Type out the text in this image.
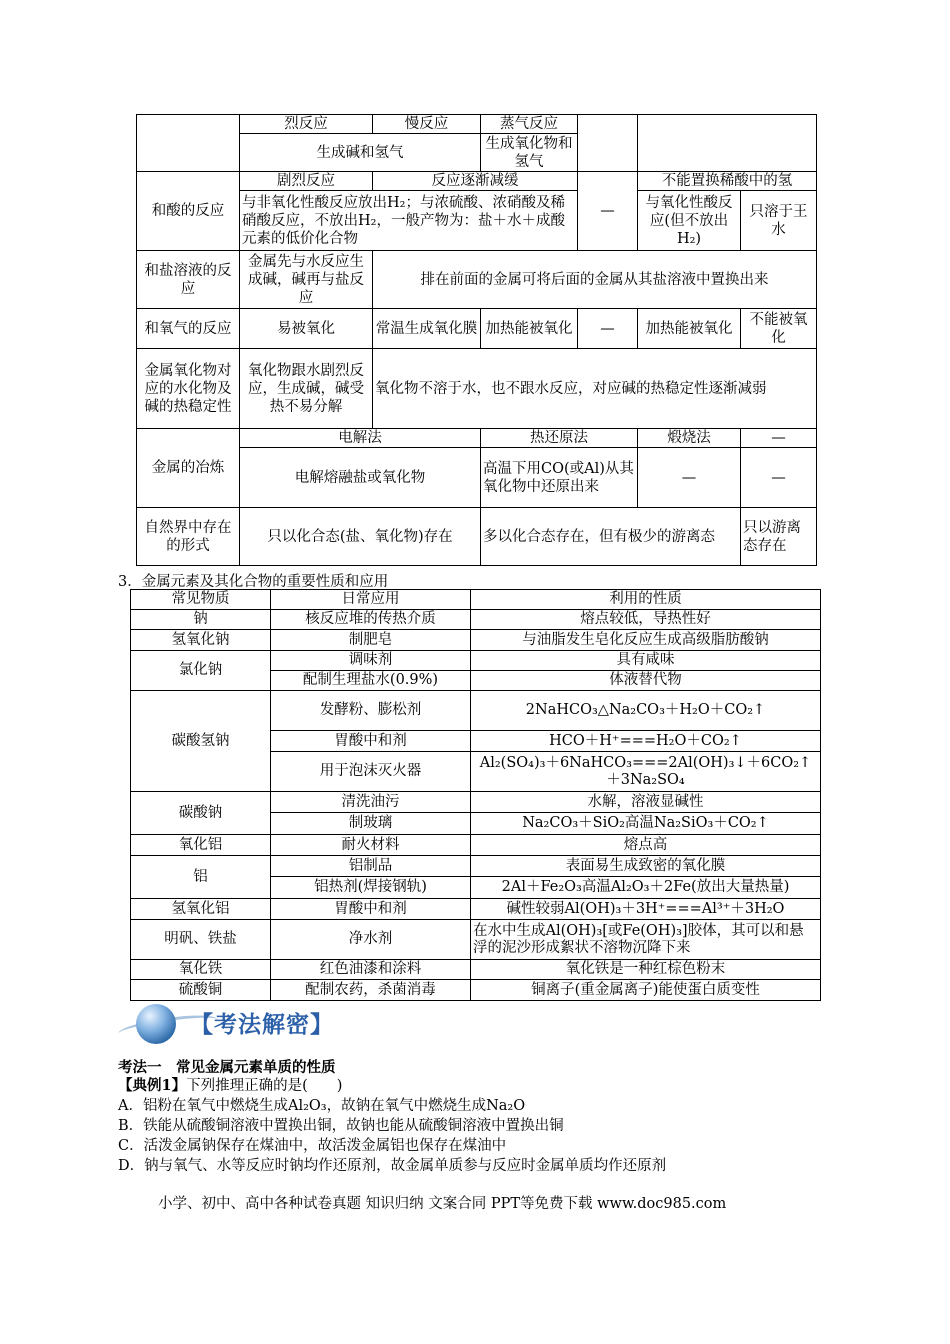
	烈反应	慢反应	蒸气反应			
	生成碱和氢气		生成氧化物和氢气			
和酸的反应	剧烈反应	反应逐渐减缓		—	不能置换稀酸中的氢	
	与非氧化性酸反应放出H₂；与浓硫酸、浓硝酸及稀硝酸反应，不放出H₂，一般产物为：盐＋水＋成酸元素的低价化合物				与氧化性酸反应(但不放出H₂)	只溶于王水
和盐溶液的反应	金属先与水反应生成碱，碱再与盐反应	排在前面的金属可将后面的金属从其盐溶液中置换出来				
和氧气的反应	易被氧化	常温生成氧化膜	加热能被氧化	—	加热能被氧化	不能被氧化
金属氧化物对应的水化物及碱的热稳定性	氧化物跟水剧烈反应，生成碱，碱受热不易分解	氧化物不溶于水，也不跟水反应，对应碱的热稳定性逐渐减弱				
金属的冶炼	电解法		热还原法		煅烧法	—
	电解熔融盐或氧化物		高温下用CO(或Al)从其氧化物中还原出来		—	—
自然界中存在的形式	只以化合态(盐、氧化物)存在		多以化合态存在，但有极少的游离态			只以游离态存在
3．金属元素及其化合物的重要性质和应用
常见物质	日常应用	利用的性质
钠	核反应堆的传热介质	熔点较低，导热性好
氢氧化钠	制肥皂	与油脂发生皂化反应生成高级脂肪酸钠
氯化钠	调味剂	具有咸味
	配制生理盐水(0.9%)	体液替代物
碳酸氢钠	发酵粉、膨松剂	2NaHCO₃△Na₂CO₃＋H₂O＋CO₂↑
	胃酸中和剂	HCO＋H⁺===H₂O＋CO₂↑
	用于泡沫灭火器	Al₂(SO₄)₃＋6NaHCO₃===2Al(OH)₃↓＋6CO₂↑＋3Na₂SO₄
碳酸钠	清洗油污	水解，溶液显碱性
	制玻璃	Na₂CO₃＋SiO₂高温Na₂SiO₃＋CO₂↑
氧化铝	耐火材料	熔点高
铝	铝制品	表面易生成致密的氧化膜
	铝热剂(焊接钢轨)	2Al＋Fe₂O₃高温Al₂O₃＋2Fe(放出大量热量)
氢氧化铝	胃酸中和剂	碱性较弱Al(OH)₃＋3H⁺===Al³⁺＋3H₂O
明矾、铁盐	净水剂	在水中生成Al(OH)₃[或Fe(OH)₃]胶体，其可以和悬浮的泥沙形成絮状不溶物沉降下来
氧化铁	红色油漆和涂料	氧化铁是一种红棕色粉末
硫酸铜	配制农药，杀菌消毒	铜离子(重金属离子)能使蛋白质变性
【考法解密】
考法一　常见金属元素单质的性质
【典例1】下列推理正确的是(　　)
A．铝粉在氧气中燃烧生成Al₂O₃，故钠在氧气中燃烧生成Na₂O
B．铁能从硫酸铜溶液中置换出铜，故钠也能从硫酸铜溶液中置换出铜
C．活泼金属钠保存在煤油中，故活泼金属铝也保存在煤油中
D．钠与氧气、水等反应时钠均作还原剂，故金属单质参与反应时金属单质均作还原剂
小学、初中、高中各种试卷真题 知识归纳 文案合同 PPT等免费下载 www.doc985.com
